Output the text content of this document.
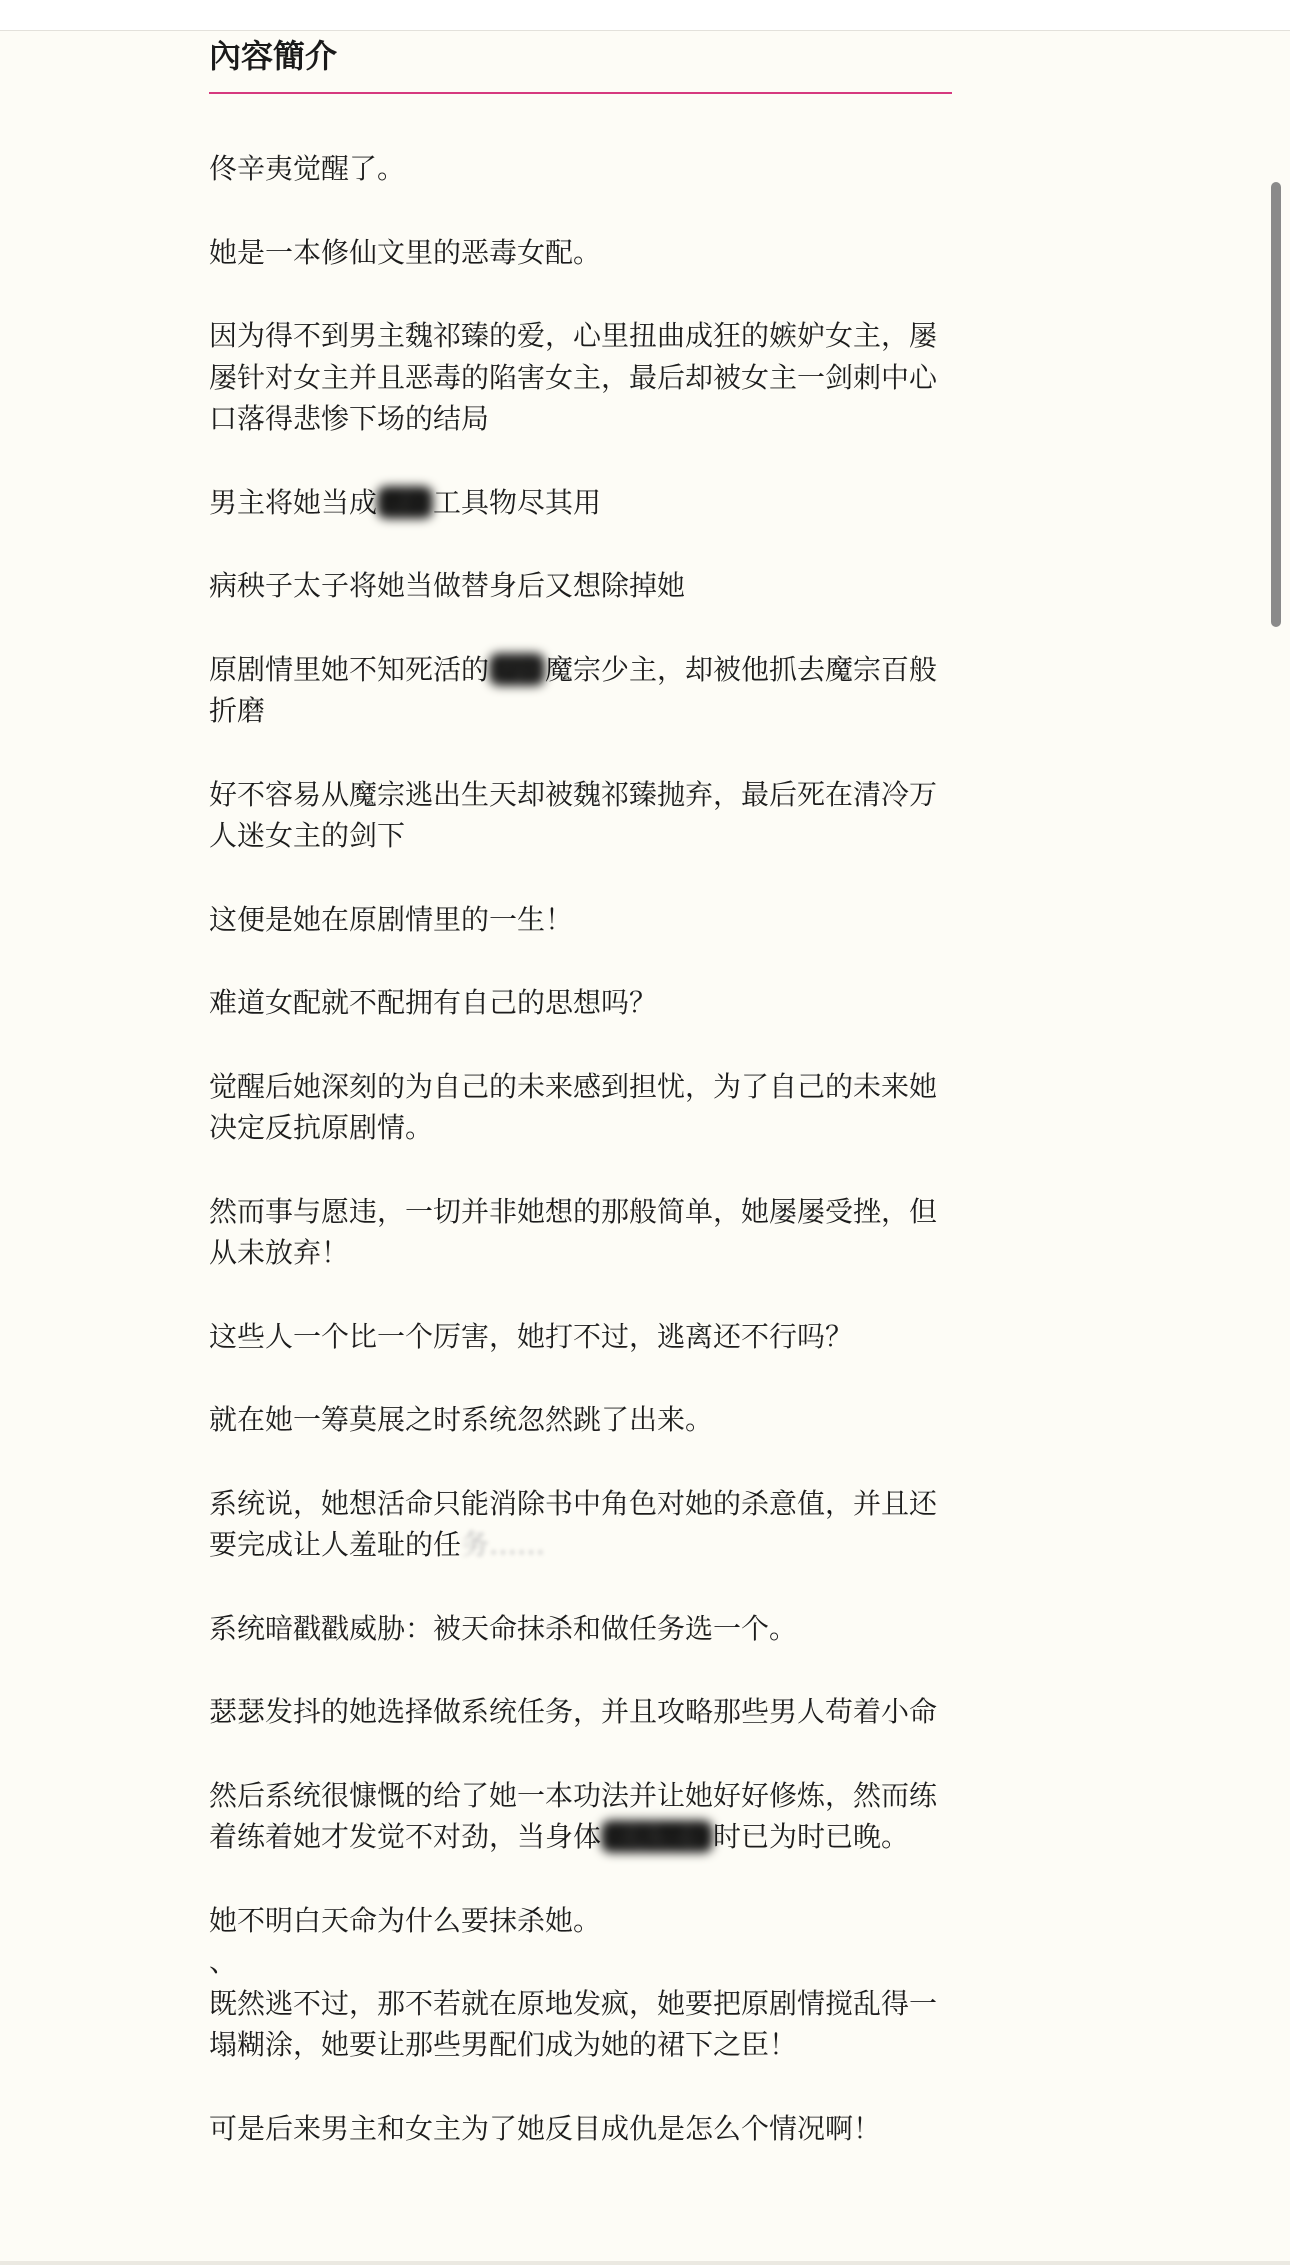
內容簡介

佟辛夷觉醒了。

她是一本修仙文里的恶毒女配。

因为得不到男主魏祁臻的爱，心里扭曲成狂的嫉妒女主，屡屡针对女主并且恶毒的陷害女主，最后却被女主一剑刺中心口落得悲惨下场的结局

男主将她当成泄欲工具物尽其用

病秧子太子将她当做替身后又想除掉她

原剧情里她不知死活的勾引魔宗少主，却被他抓去魔宗百般折磨

好不容易从魔宗逃出生天却被魏祁臻抛弃，最后死在清冷万人迷女主的剑下

这便是她在原剧情里的一生！

难道女配就不配拥有自己的思想吗？

觉醒后她深刻的为自己的未来感到担忧，为了自己的未来她决定反抗原剧情。

然而事与愿违，一切并非她想的那般简单，她屡屡受挫，但从未放弃！

这些人一个比一个厉害，她打不过，逃离还不行吗？

就在她一筹莫展之时系统忽然跳了出来。

系统说，她想活命只能消除书中角色对她的杀意值，并且还要完成让人羞耻的任务……

系统暗戳戳威胁：被天命抹杀和做任务选一个。

瑟瑟发抖的她选择做系统任务，并且攻略那些男人苟着小命

然后系统很慷慨的给了她一本功法并让她好好修炼，然而练着练着她才发觉不对劲，当身体欲火焚身时已为时已晚。

她不明白天命为什么要抹杀她。

、

既然逃不过，那不若就在原地发疯，她要把原剧情搅乱得一塌糊涂，她要让那些男配们成为她的裙下之臣！

可是后来男主和女主为了她反目成仇是怎么个情况啊！
